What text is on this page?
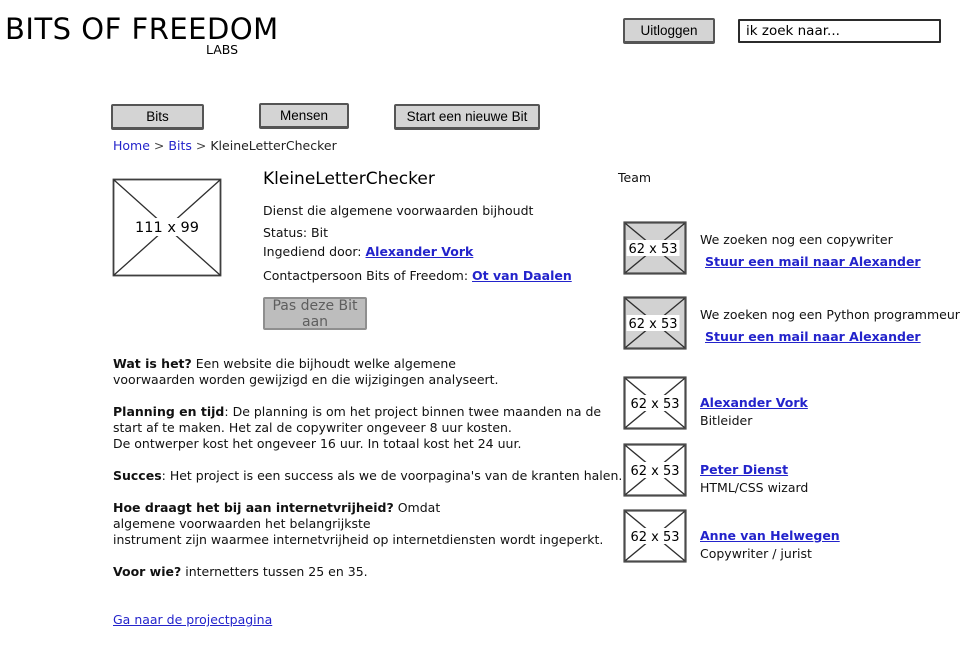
BITS OF FREEDOM
LABS
Uitloggen
ik zoek naar...
Bits	Mensen	Start een nieuwe Bit
Home > Bits > KleineLetterChecker
111 x 99
KleineLetterChecker
Dienst die algemene voorwaarden bijhoudt
Status: Bit
Ingediend door: Alexander Vork
Contactpersoon Bits of Freedom: Ot van Daalen
Pas deze Bit aan

Wat is het? Een website die bijhoudt welke algemene
voorwaarden worden gewijzigd en die wijzigingen analyseert.

Planning en tijd: De planning is om het project binnen twee maanden na de
start af te maken. Het zal de copywriter ongeveer 8 uur kosten.
De ontwerper kost het ongeveer 16 uur. In totaal kost het 24 uur.

Succes: Het project is een success als we de voorpagina's van de kranten halen.

Hoe draagt het bij aan internetvrijheid? Omdat
algemene voorwaarden het belangrijkste
instrument zijn waarmee internetvrijheid op internetdiensten wordt ingeperkt.

Voor wie? internetters tussen 25 en 35.

Ga naar de projectpagina
Team
62 x 53
We zoeken nog een copywriter
Stuur een mail naar Alexander
62 x 53
We zoeken nog een Python programmeur
Stuur een mail naar Alexander
62 x 53 Alexander Vork
Bitleider
62 x 53 Peter Dienst
HTML/CSS wizard
62 x 53 Anne van Helwegen
Copywriter / jurist
